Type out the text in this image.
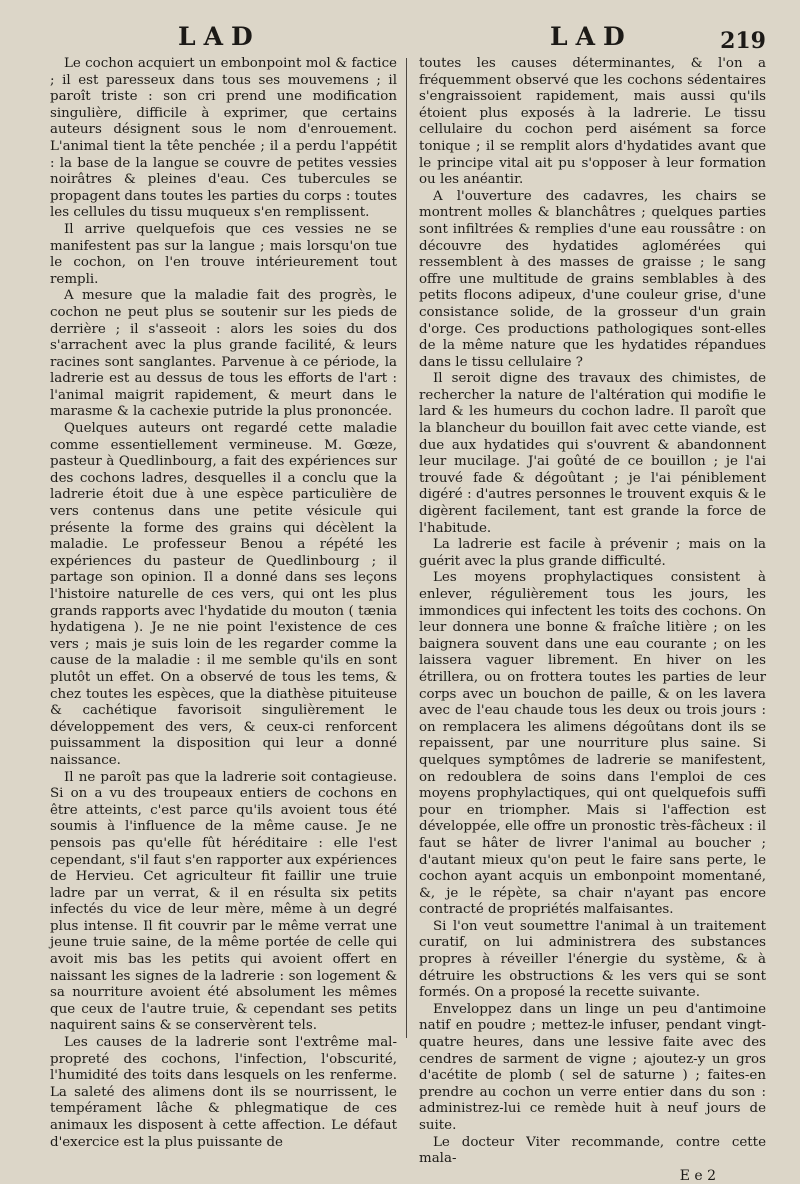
LAD	LAD	219

Le cochon acquiert un embonpoint mol & factice ; il est paresseux dans tous ses mouvemens ; il paroît triste : son cri prend une modification singulière, difficile à exprimer, que certains auteurs désignent sous le nom d'enrouement. L'animal tient la tête penchée ; il a perdu l'appétit : la base de la langue se couvre de petites vessies noirâtres & pleines d'eau. Ces tubercules se propagent dans toutes les parties du corps : toutes les cellules du tissu muqueux s'en remplissent.

Il arrive quelquefois que ces vessies ne se manifestent pas sur la langue ; mais lorsqu'on tue le cochon, on l'en trouve intérieurement tout rempli.

A mesure que la maladie fait des progrès, le cochon ne peut plus se soutenir sur les pieds de derrière ; il s'asseoit : alors les soies du dos s'arrachent avec la plus grande facilité, & leurs racines sont sanglantes. Parvenue à ce période, la ladrerie est au dessus de tous les efforts de l'art : l'animal maigrit rapidement, & meurt dans le marasme & la cachexie putride la plus prononcée.

Quelques auteurs ont regardé cette maladie comme essentiellement vermineuse. M. Gœze, pasteur à Quedlinbourg, a fait des expériences sur des cochons ladres, desquelles il a conclu que la ladrerie étoit due à une espèce particulière de vers contenus dans une petite vésicule qui présente la forme des grains qui décèlent la maladie. Le professeur Benou a répété les expériences du pasteur de Quedlinbourg ; il partage son opinion. Il a donné dans ses leçons l'histoire naturelle de ces vers, qui ont les plus grands rapports avec l'hydatide du mouton ( tænia hydatigena ). Je ne nie point l'existence de ces vers ; mais je suis loin de les regarder comme la cause de la maladie : il me semble qu'ils en sont plutôt un effet. On a observé de tous les tems, & chez toutes les espèces, que la diathèse pituiteuse & cachétique favorisoit singulièrement le développement des vers, & ceux-ci renforcent puissamment la disposition qui leur a donné naissance.

Il ne paroît pas que la ladrerie soit contagieuse. Si on a vu des troupeaux entiers de cochons en être atteints, c'est parce qu'ils avoient tous été soumis à l'influence de la même cause. Je ne pensois pas qu'elle fût héréditaire : elle l'est cependant, s'il faut s'en rapporter aux expériences de Hervieu. Cet agriculteur fit faillir une truie ladre par un verrat, & il en résulta six petits infectés du vice de leur mère, même à un degré plus intense. Il fit couvrir par le même verrat une jeune truie saine, de la même portée de celle qui avoit mis bas les petits qui avoient offert en naissant les signes de la ladrerie : son logement & sa nourriture avoient été absolument les mêmes que ceux de l'autre truie, & cependant ses petits naquirent sains & se conservèrent tels.

Les causes de la ladrerie sont l'extrême mal-propreté des cochons, l'infection, l'obscurité, l'humidité des toits dans lesquels on les renferme. La saleté des alimens dont ils se nourrissent, le tempérament lâche & phlegmatique de ces animaux les disposent à cette affection. Le défaut d'exercice est la plus puissante de

toutes les causes déterminantes, & l'on a fréquemment observé que les cochons sédentaires s'engraissoient rapidement, mais aussi qu'ils étoient plus exposés à la ladrerie. Le tissu cellulaire du cochon perd aisément sa force tonique ; il se remplit alors d'hydatides avant que le principe vital ait pu s'opposer à leur formation ou les anéantir.

A l'ouverture des cadavres, les chairs se montrent molles & blanchâtres ; quelques parties sont infiltrées & remplies d'une eau roussâtre : on découvre des hydatides aglomérées qui ressemblent à des masses de graisse ; le sang offre une multitude de grains semblables à des petits flocons adipeux, d'une couleur grise, d'une consistance solide, de la grosseur d'un grain d'orge. Ces productions pathologiques sont-elles de la même nature que les hydatides répandues dans le tissu cellulaire ?

Il seroit digne des travaux des chimistes, de rechercher la nature de l'altération qui modifie le lard & les humeurs du cochon ladre. Il paroît que la blancheur du bouillon fait avec cette viande, est due aux hydatides qui s'ouvrent & abandonnent leur mucilage. J'ai goûté de ce bouillon ; je l'ai trouvé fade & dégoûtant ; je l'ai péniblement digéré : d'autres personnes le trouvent exquis & le digèrent facilement, tant est grande la force de l'habitude.

La ladrerie est facile à prévenir ; mais on la guérit avec la plus grande difficulté.

Les moyens prophylactiques consistent à enlever, régulièrement tous les jours, les immondices qui infectent les toits des cochons. On leur donnera une bonne & fraîche litière ; on les baignera souvent dans une eau courante ; on les laissera vaguer librement. En hiver on les étrillera, ou on frottera toutes les parties de leur corps avec un bouchon de paille, & on les lavera avec de l'eau chaude tous les deux ou trois jours : on remplacera les alimens dégoûtans dont ils se repaissent, par une nourriture plus saine. Si quelques symptômes de ladrerie se manifestent, on redoublera de soins dans l'emploi de ces moyens prophylactiques, qui ont quelquefois suffi pour en triompher. Mais si l'affection est développée, elle offre un pronostic très-fâcheux : il faut se hâter de livrer l'animal au boucher ; d'autant mieux qu'on peut le faire sans perte, le cochon ayant acquis un embonpoint momentané, &, je le répète, sa chair n'ayant pas encore contracté de propriétés malfaisantes.

Si l'on veut soumettre l'animal à un traitement curatif, on lui administrera des substances propres à réveiller l'énergie du système, & à détruire les obstructions & les vers qui se sont formés. On a proposé la recette suivante.

Enveloppez dans un linge un peu d'antimoine natif en poudre ; mettez-le infuser, pendant vingt-quatre heures, dans une lessive faite avec des cendres de sarment de vigne ; ajoutez-y un gros d'acétite de plomb ( sel de saturne ) ; faites-en prendre au cochon un verre entier dans du son : administrez-lui ce remède huit à neuf jours de suite.

Le docteur Viter recommande, contre cette mala-

E e 2
